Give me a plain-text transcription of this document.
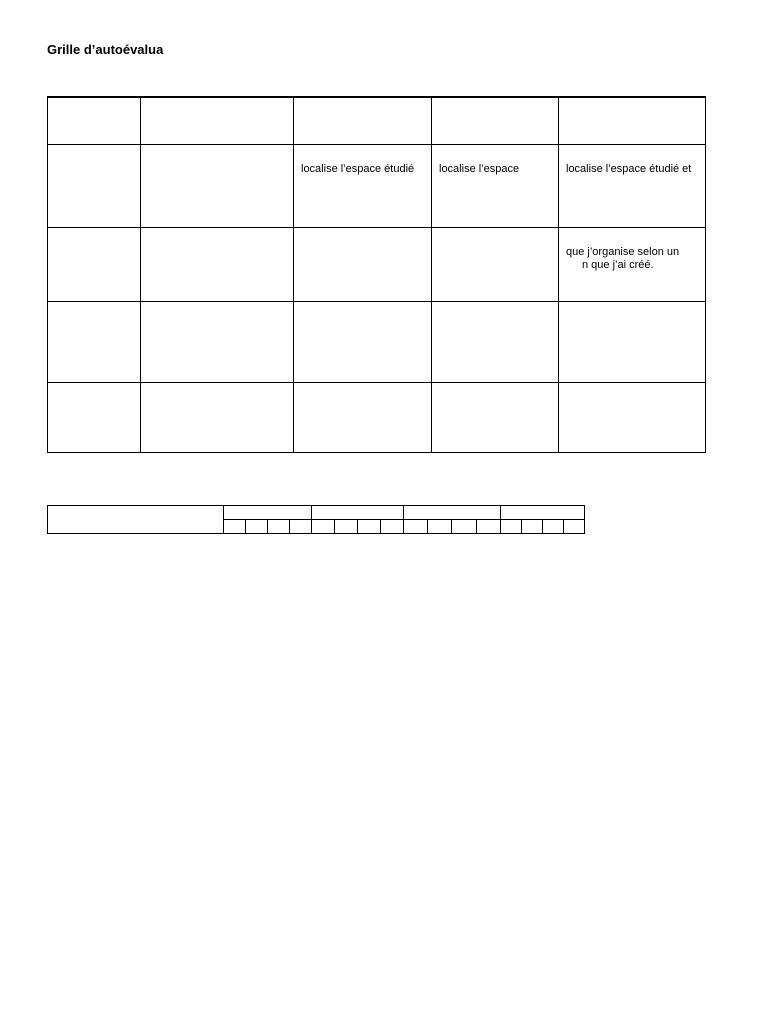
Grille d’autoévalua

		localise l’espace étudié	localise l’espace	localise l’espace étudié et

				que j’organise selon un
n que j’ai créé.
